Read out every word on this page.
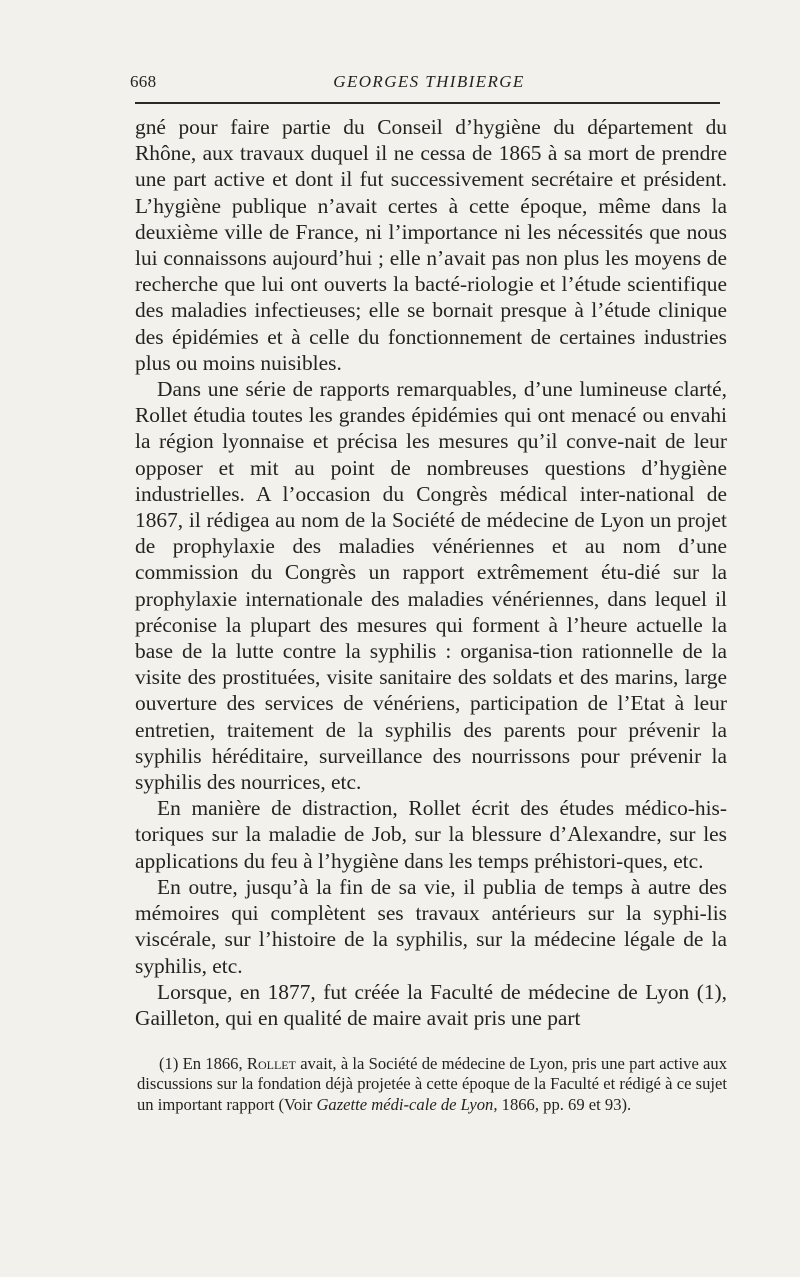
668	GEORGES THIBIERGE

gné pour faire partie du Conseil d’hygiène du département du Rhône, aux travaux duquel il ne cessa de 1865 à sa mort de prendre une part active et dont il fut successivement secrétaire et président. L’hygiène publique n’avait certes à cette époque, même dans la deuxième ville de France, ni l’importance ni les nécessités que nous lui connaissons aujourd’hui ; elle n’avait pas non plus les moyens de recherche que lui ont ouverts la bacté-riologie et l’étude scientifique des maladies infectieuses; elle se bornait presque à l’étude clinique des épidémies et à celle du fonctionnement de certaines industries plus ou moins nuisibles.

Dans une série de rapports remarquables, d’une lumineuse clarté, Rollet étudia toutes les grandes épidémies qui ont menacé ou envahi la région lyonnaise et précisa les mesures qu’il conve-nait de leur opposer et mit au point de nombreuses questions d’hygiène industrielles. A l’occasion du Congrès médical inter-national de 1867, il rédigea au nom de la Société de médecine de Lyon un projet de prophylaxie des maladies vénériennes et au nom d’une commission du Congrès un rapport extrêmement étu-dié sur la prophylaxie internationale des maladies vénériennes, dans lequel il préconise la plupart des mesures qui forment à l’heure actuelle la base de la lutte contre la syphilis : organisa-tion rationnelle de la visite des prostituées, visite sanitaire des soldats et des marins, large ouverture des services de vénériens, participation de l’Etat à leur entretien, traitement de la syphilis des parents pour prévenir la syphilis héréditaire, surveillance des nourrissons pour prévenir la syphilis des nourrices, etc.

En manière de distraction, Rollet écrit des études médico-his-toriques sur la maladie de Job, sur la blessure d’Alexandre, sur les applications du feu à l’hygiène dans les temps préhistori-ques, etc.

En outre, jusqu’à la fin de sa vie, il publia de temps à autre des mémoires qui complètent ses travaux antérieurs sur la syphi-lis viscérale, sur l’histoire de la syphilis, sur la médecine légale de la syphilis, etc.

Lorsque, en 1877, fut créée la Faculté de médecine de Lyon (1), Gailleton, qui en qualité de maire avait pris une part

(1) En 1866, Rollet avait, à la Société de médecine de Lyon, pris une part active aux discussions sur la fondation déjà projetée à cette époque de la Faculté et rédigé à ce sujet un important rapport (Voir Gazette médi-cale de Lyon, 1866, pp. 69 et 93).
